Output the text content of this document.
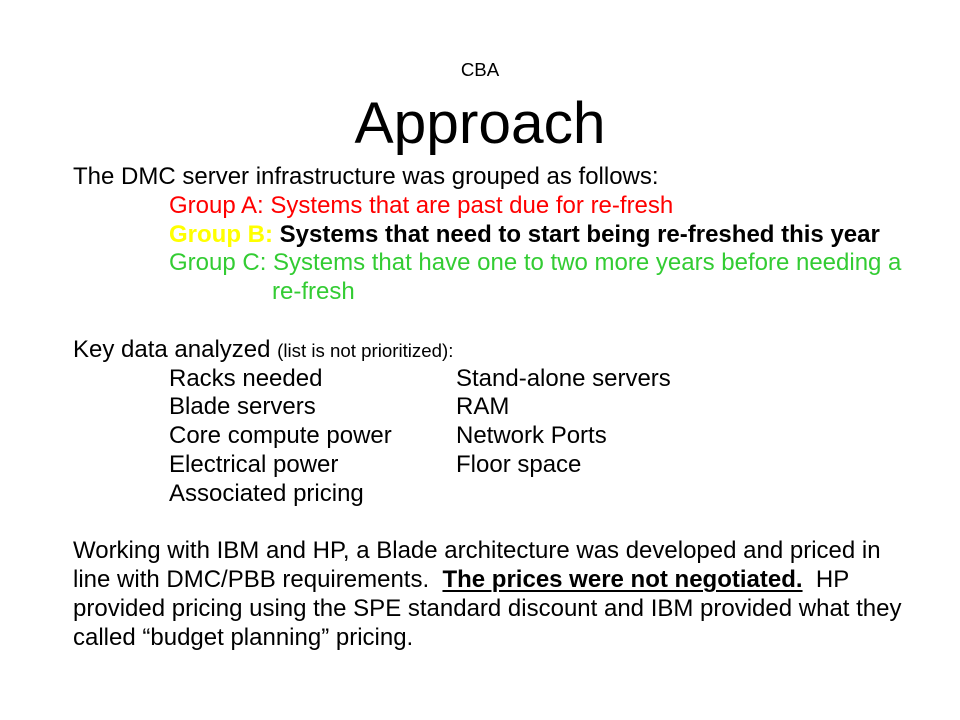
CBA
Approach
The DMC server infrastructure was grouped as follows:
Group A: Systems that are past due for re-fresh
Group B: Systems that need to start being re-freshed this year
Group C: Systems that have one to two more years before needing a
re-fresh
Key data analyzed (list is not prioritized):
Racks needed	Stand-alone servers
Blade servers	RAM
Core compute power	Network Ports
Electrical power	Floor space
Associated pricing
Working with IBM and HP, a Blade architecture was developed and priced in
line with DMC/PBB requirements.  The prices were not negotiated.  HP
provided pricing using the SPE standard discount and IBM provided what they
called “budget planning” pricing.
